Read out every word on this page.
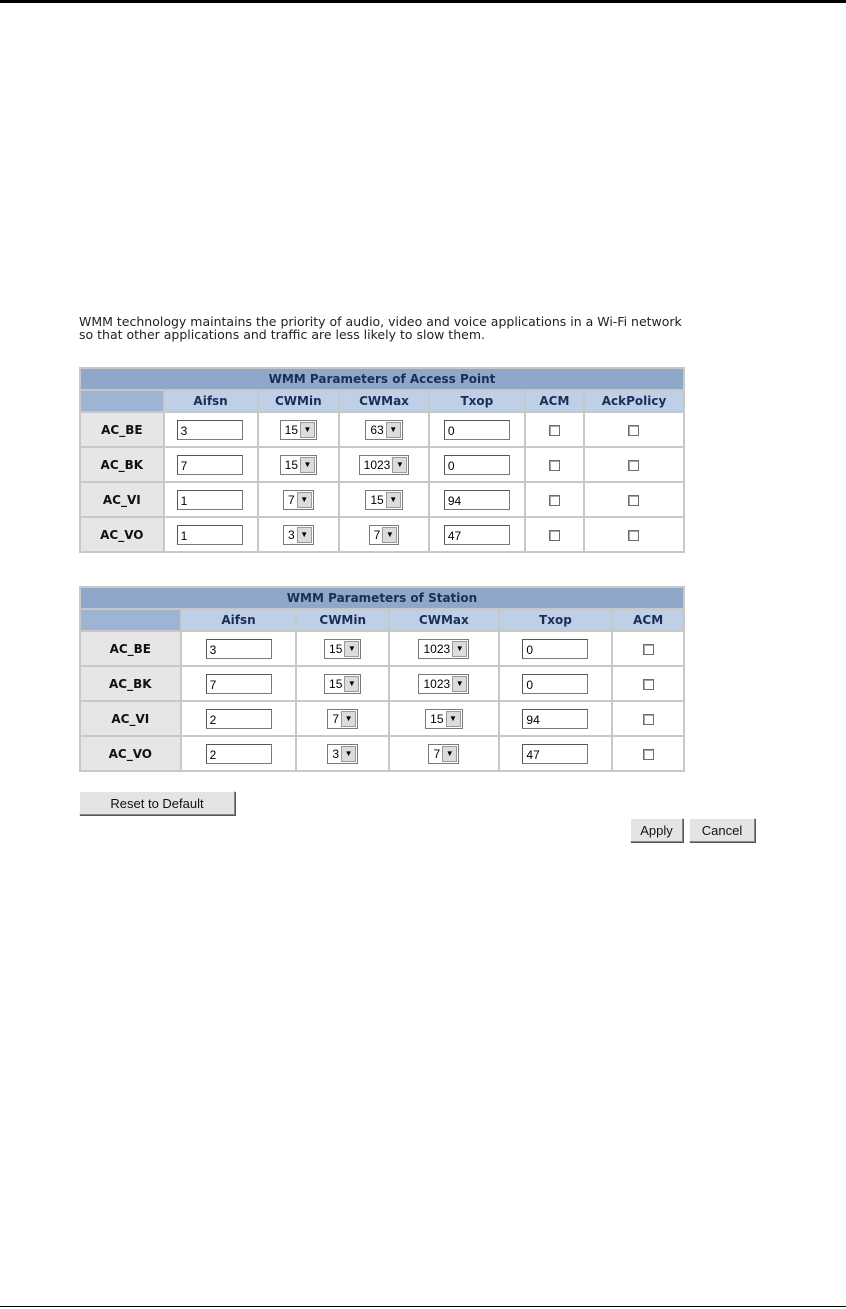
WMM technology maintains the priority of audio, video and voice applications in a Wi-Fi network
so that other applications and traffic are less likely to slow them.
WMM Parameters of Access Point						
	Aifsn	CWMin	CWMax	Txop	ACM	AckPolicy
AC_BE	3	15 ▼	63 ▼	0		
AC_BK	7	15 ▼	1023 ▼	0		
AC_VI	1	7 ▼	15 ▼	94		
AC_VO	1	3 ▼	7 ▼	47		
WMM Parameters of Station					
	Aifsn	CWMin	CWMax	Txop	ACM
AC_BE	3	15 ▼	1023 ▼	0	
AC_BK	7	15 ▼	1023 ▼	0	
AC_VI	2	7 ▼	15 ▼	94	
AC_VO	2	3 ▼	7 ▼	47	
Reset to Default
Apply	Cancel
